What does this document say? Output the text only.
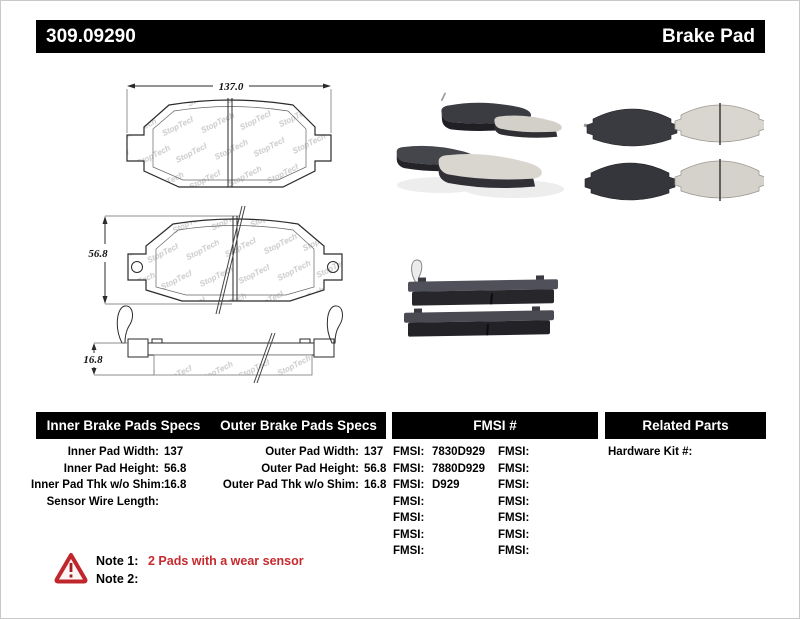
309.09290	Brake Pad
137.0
56.8
16.8
Inner Brake Pads Specs	Outer Brake Pads Specs	FMSI #	Related Parts
Inner Pad Width: 137
Inner Pad Height: 56.8
Inner Pad Thk w/o Shim: 16.8
Sensor Wire Length:
Outer Pad Width: 137
Outer Pad Height: 56.8
Outer Pad Thk w/o Shim: 16.8
FMSI: 7830D929
FMSI: 7880D929
FMSI: D929
FMSI:
FMSI:
FMSI:
FMSI:
FMSI:
FMSI:
FMSI:
FMSI:
FMSI:
FMSI:
FMSI:
Hardware Kit #:
Note 1: 2 Pads with a wear sensor
Note 2:
